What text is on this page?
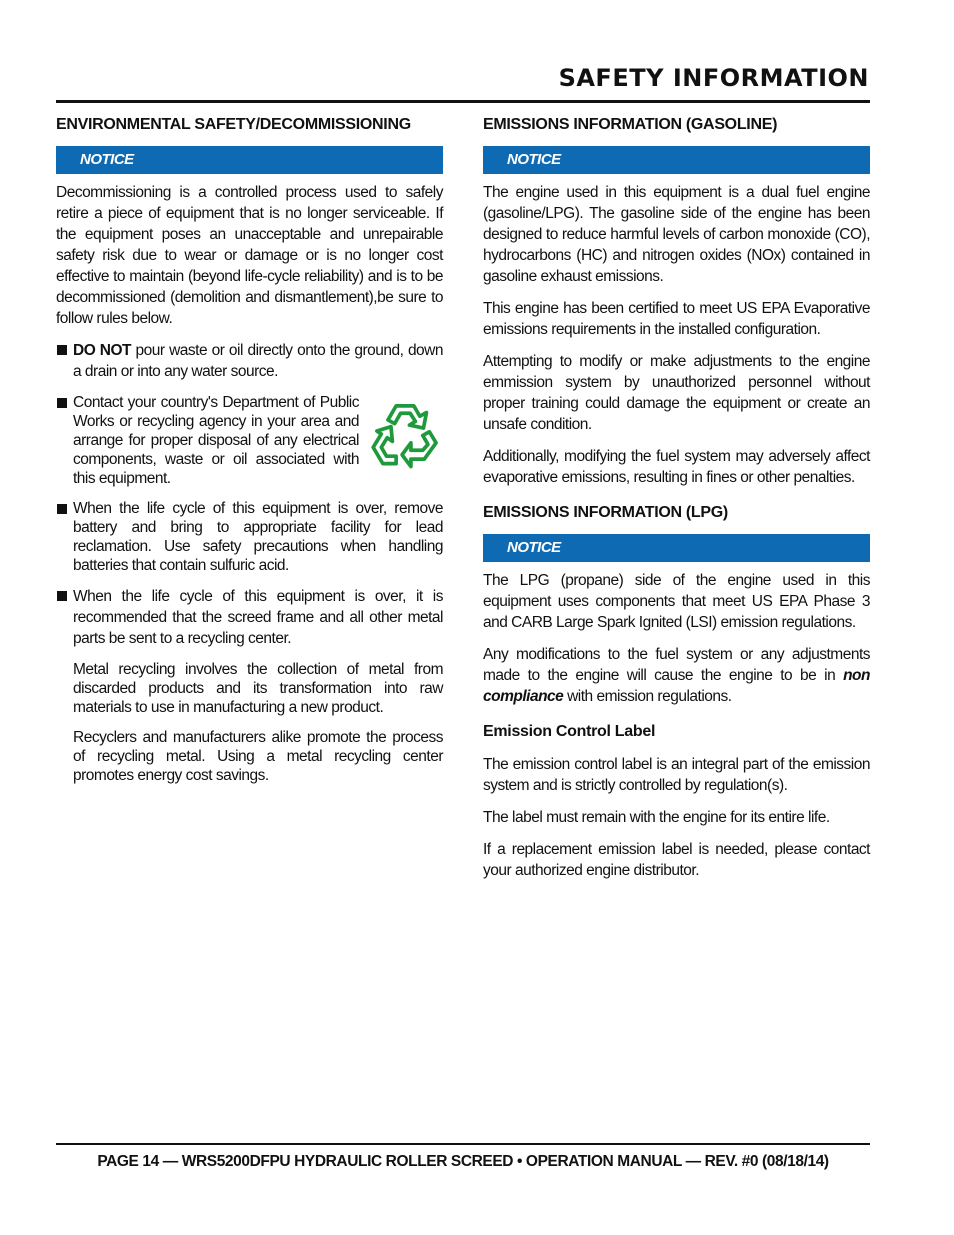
SAFETY INFORMATION
ENVIRONMENTAL SAFETY/DECOMMISSIONING
NOTICE

Decommissioning is a controlled process used to safely retire a piece of equipment that is no longer serviceable. If the equipment poses an unacceptable and unrepairable safety risk due to wear or damage or is no longer cost effective to maintain (beyond life-cycle reliability) and is to be decommissioned (demolition and dismantlement),be sure to follow rules below.

DO NOT pour waste or oil directly onto the ground, down a drain or into any water source.
Contact your country's Department of Public Works or recycling agency in your area and arrange for proper disposal of any electrical components, waste or oil associated with this equipment.
When the life cycle of this equipment is over, remove battery and bring to appropriate facility for lead reclamation. Use safety precautions when handling batteries that contain sulfuric acid.
When the life cycle of this equipment is over, it is recommended that the screed frame and all other metal parts be sent to a recycling center.

Metal recycling involves the collection of metal from discarded products and its transformation into raw materials to use in manufacturing a new product.

Recyclers and manufacturers alike promote the process of recycling metal. Using a metal recycling center promotes energy cost savings.

EMISSIONS INFORMATION (GASOLINE)
NOTICE

The engine used in this equipment is a dual fuel engine (gasoline/LPG). The gasoline side of the engine has been designed to reduce harmful levels of carbon monoxide (CO), hydrocarbons (HC) and nitrogen oxides (NOx) contained in gasoline exhaust emissions.

This engine has been certified to meet US EPA Evaporative emissions requirements in the installed configuration.

Attempting to modify or make adjustments to the engine emmission system by unauthorized personnel without proper training could damage the equipment or create an unsafe condition.

Additionally, modifying the fuel system may adversely affect evaporative emissions, resulting in fines or other penalties.

EMISSIONS INFORMATION (LPG)
NOTICE

The LPG (propane) side of the engine used in this equipment uses components that meet US EPA Phase 3 and CARB Large Spark Ignited (LSI) emission regulations.

Any modifications to the fuel system or any adjustments made to the engine will cause the engine to be in non compliance with emission regulations.

Emission Control Label

The emission control label is an integral part of the emission system and is strictly controlled by regulation(s).

The label must remain with the engine for its entire life.

If a replacement emission label is needed, please contact your authorized engine distributor.

PAGE 14 — WRS5200DFPU HYDRAULIC ROLLER SCREED • OPERATION MANUAL — REV. #0 (08/18/14)
